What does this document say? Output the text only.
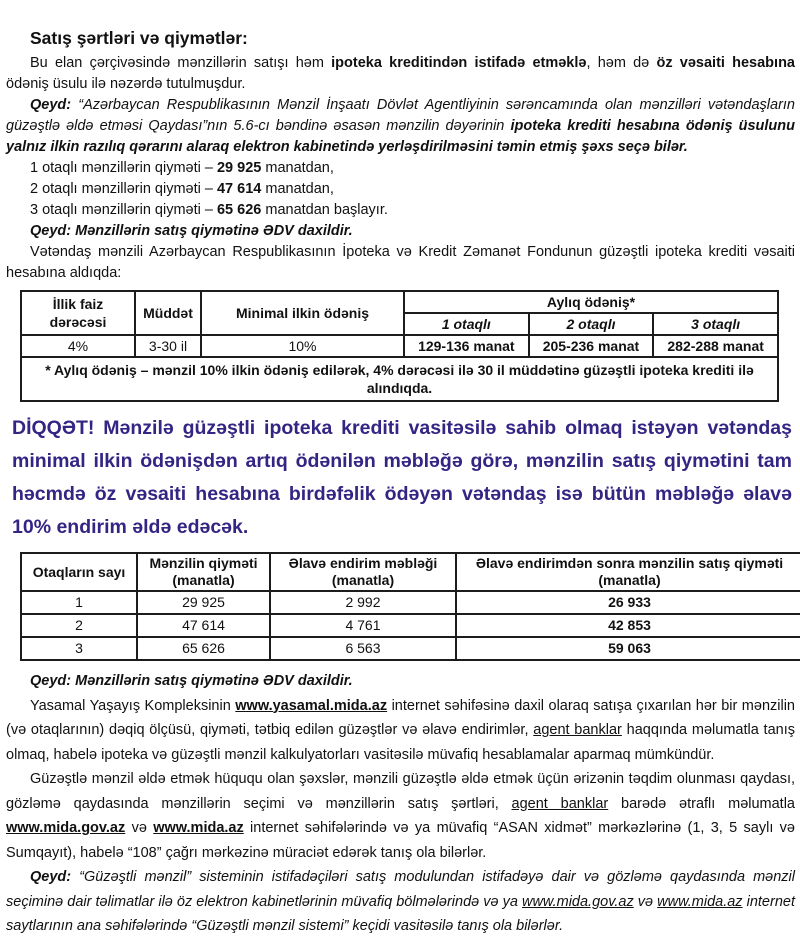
Satış şərtləri və qiymətlər:

Bu elan çərçivəsində mənzillərin satışı həm ipoteka kreditindən istifadə etməklə, həm də öz vəsaiti hesabına ödəniş üsulu ilə nəzərdə tutulmuşdur.

Qeyd: “Azərbaycan Respublikasının Mənzil İnşaatı Dövlət Agentliyinin sərəncamında olan mənzilləri vətəndaşların güzəştlə əldə etməsi Qaydası”nın 5.6-cı bəndinə əsasən mənzilin dəyərinin ipoteka krediti hesabına ödəniş üsulunu yalnız ilkin razılıq qərarını alaraq elektron kabinetində yerləşdirilməsini təmin etmiş şəxs seçə bilər.

1 otaqlı mənzillərin qiyməti – 29 925 manatdan,

2 otaqlı mənzillərin qiyməti – 47 614 manatdan,

3 otaqlı mənzillərin qiyməti – 65 626 manatdan başlayır.

Qeyd: Mənzillərin satış qiymətinə ƏDV daxildir.

Vətəndaş mənzili Azərbaycan Respublikasının İpoteka və Kredit Zəmanət Fondunun güzəştli ipoteka krediti vəsaiti hesabına aldıqda:

İllik faiz dərəcəsi	Müddət	Minimal ilkin ödəniş	Aylıq ödəniş*		
			1 otaqlı	2 otaqlı	3 otaqlı
4%	3-30 il	10%	129-136 manat	205-236 manat	282-288 manat
* Aylıq ödəniş – mənzil 10% ilkin ödəniş edilərək, 4% dərəcəsi ilə 30 il müddətinə güzəştli ipoteka krediti ilə alındıqda.					

DİQQƏT! Mənzilə güzəştli ipoteka krediti vasitəsilə sahib olmaq istəyən vətəndaş minimal ilkin ödənişdən artıq ödənilən məbləğə görə, mənzilin satış qiymətini tam həcmdə öz vəsaiti hesabına birdəfəlik ödəyən vətəndaş isə bütün məbləğə əlavə 10% endirim əldə edəcək.

Otaqların sayı	Mənzilin qiyməti (manatla)	Əlavə endirim məbləği (manatla)	Əlavə endirimdən sonra mənzilin satış qiyməti (manatla)
1	29 925	2 992	26 933
2	47 614	4 761	42 853
3	65 626	6 563	59 063

Qeyd: Mənzillərin satış qiymətinə ƏDV daxildir.

Yasamal Yaşayış Kompleksinin www.yasamal.mida.az internet səhifəsinə daxil olaraq satışa çıxarılan hər bir mənzilin (və otaqlarının) dəqiq ölçüsü, qiyməti, tətbiq edilən güzəştlər və əlavə endirimlər, agent banklar haqqında məlumatla tanış olmaq, habelə ipoteka və güzəştli mənzil kalkulyatorları vasitəsilə müvafiq hesablamalar aparmaq mümkündür.

Güzəştlə mənzil əldə etmək hüququ olan şəxslər, mənzili güzəştlə əldə etmək üçün ərizənin təqdim olunması qaydası, gözləmə qaydasında mənzillərin seçimi və mənzillərin satış şərtləri, agent banklar barədə ətraflı məlumatla www.mida.gov.az və www.mida.az internet səhifələrində və ya müvafiq “ASAN xidmət” mərkəzlərinə (1, 3, 5 saylı və Sumqayıt), habelə “108” çağrı mərkəzinə müraciət edərək tanış ola bilərlər.

Qeyd: “Güzəştli mənzil” sisteminin istifadəçiləri satış modulundan istifadəyə dair və gözləmə qaydasında mənzil seçiminə dair təlimatlar ilə öz elektron kabinetlərinin müvafiq bölmələrində və ya www.mida.gov.az və www.mida.az internet saytlarının ana səhifələrində “Güzəştli mənzil sistemi” keçidi vasitəsilə tanış ola bilərlər.
